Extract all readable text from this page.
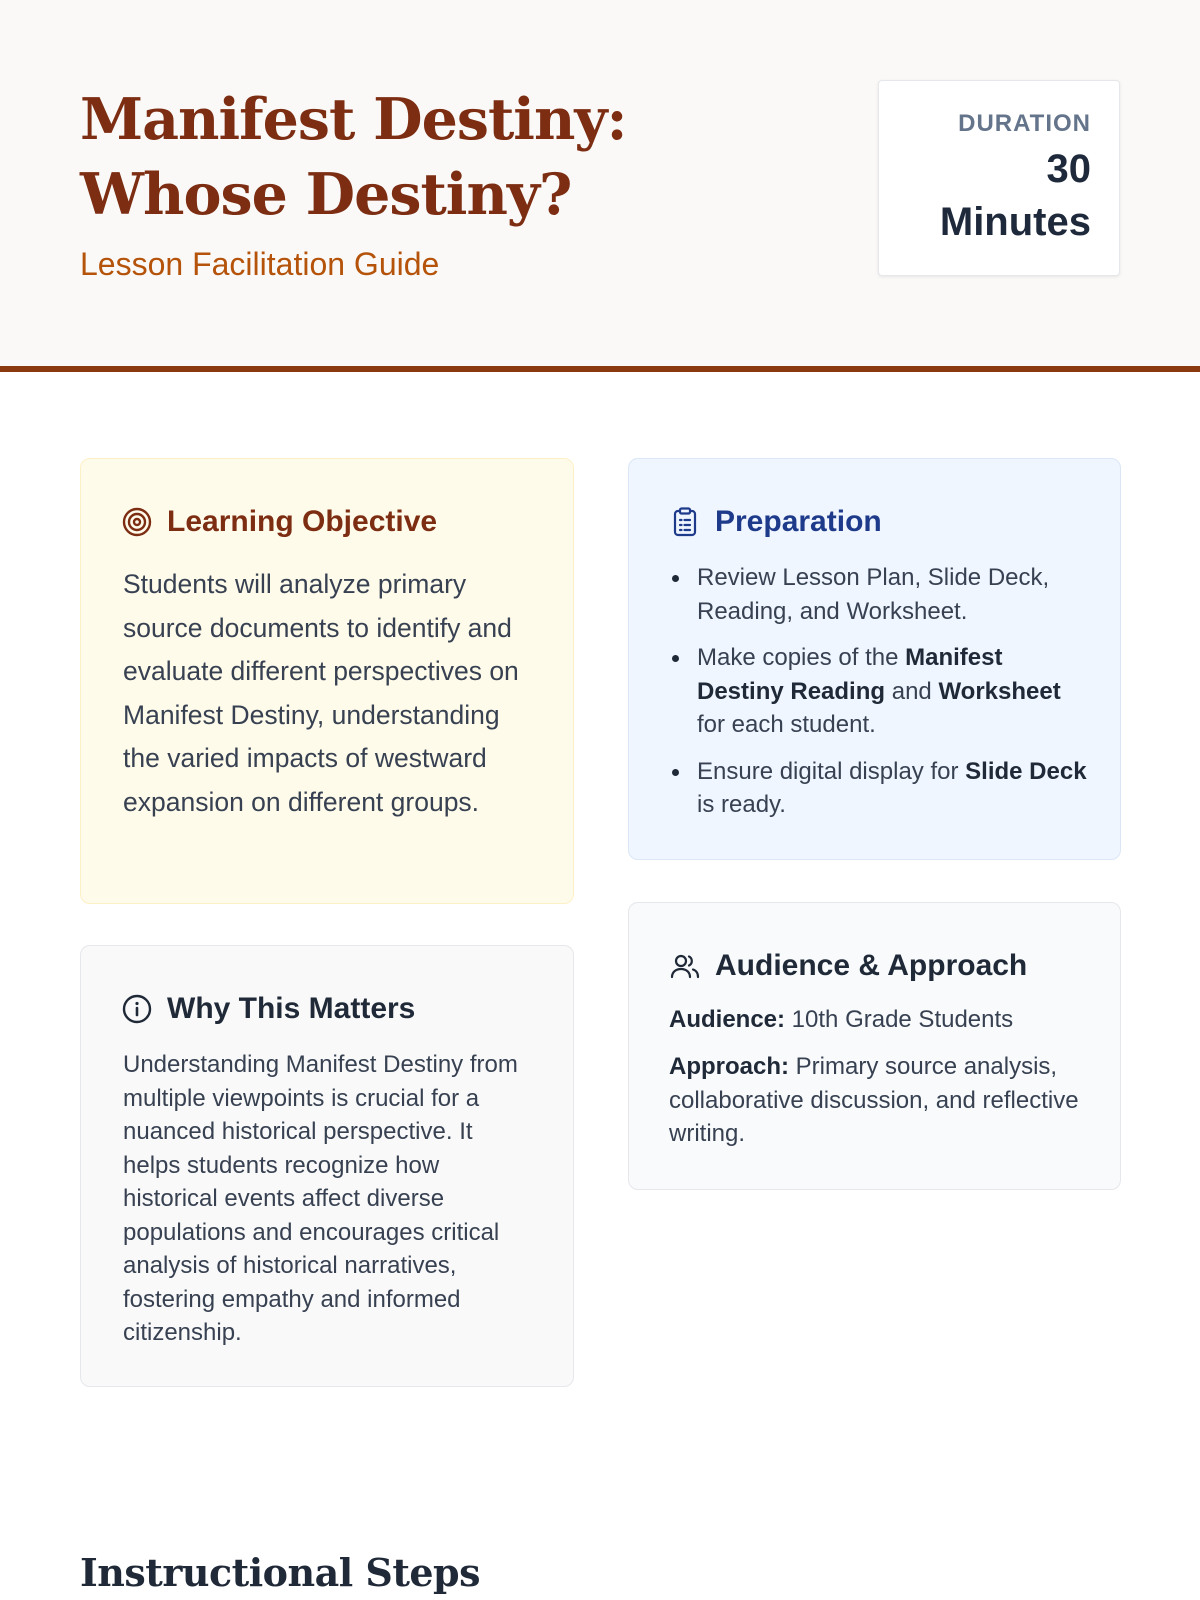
Manifest Destiny: Whose Destiny?
Lesson Facilitation Guide
DURATION
30
Minutes
Learning Objective

Students will analyze primary source documents to identify and evaluate different perspectives on Manifest Destiny, understanding the varied impacts of westward expansion on different groups.

Preparation
Review Lesson Plan, Slide Deck, Reading, and Worksheet.
Make copies of the Manifest Destiny Reading and Worksheet for each student.
Ensure digital display for Slide Deck is ready.
Why This Matters

Understanding Manifest Destiny from multiple viewpoints is crucial for a nuanced historical perspective. It helps students recognize how historical events affect diverse populations and encourages critical analysis of historical narratives, fostering empathy and informed citizenship.

Audience & Approach

Audience: 10th Grade Students

Approach: Primary source analysis, collaborative discussion, and reflective writing.

Instructional Steps
